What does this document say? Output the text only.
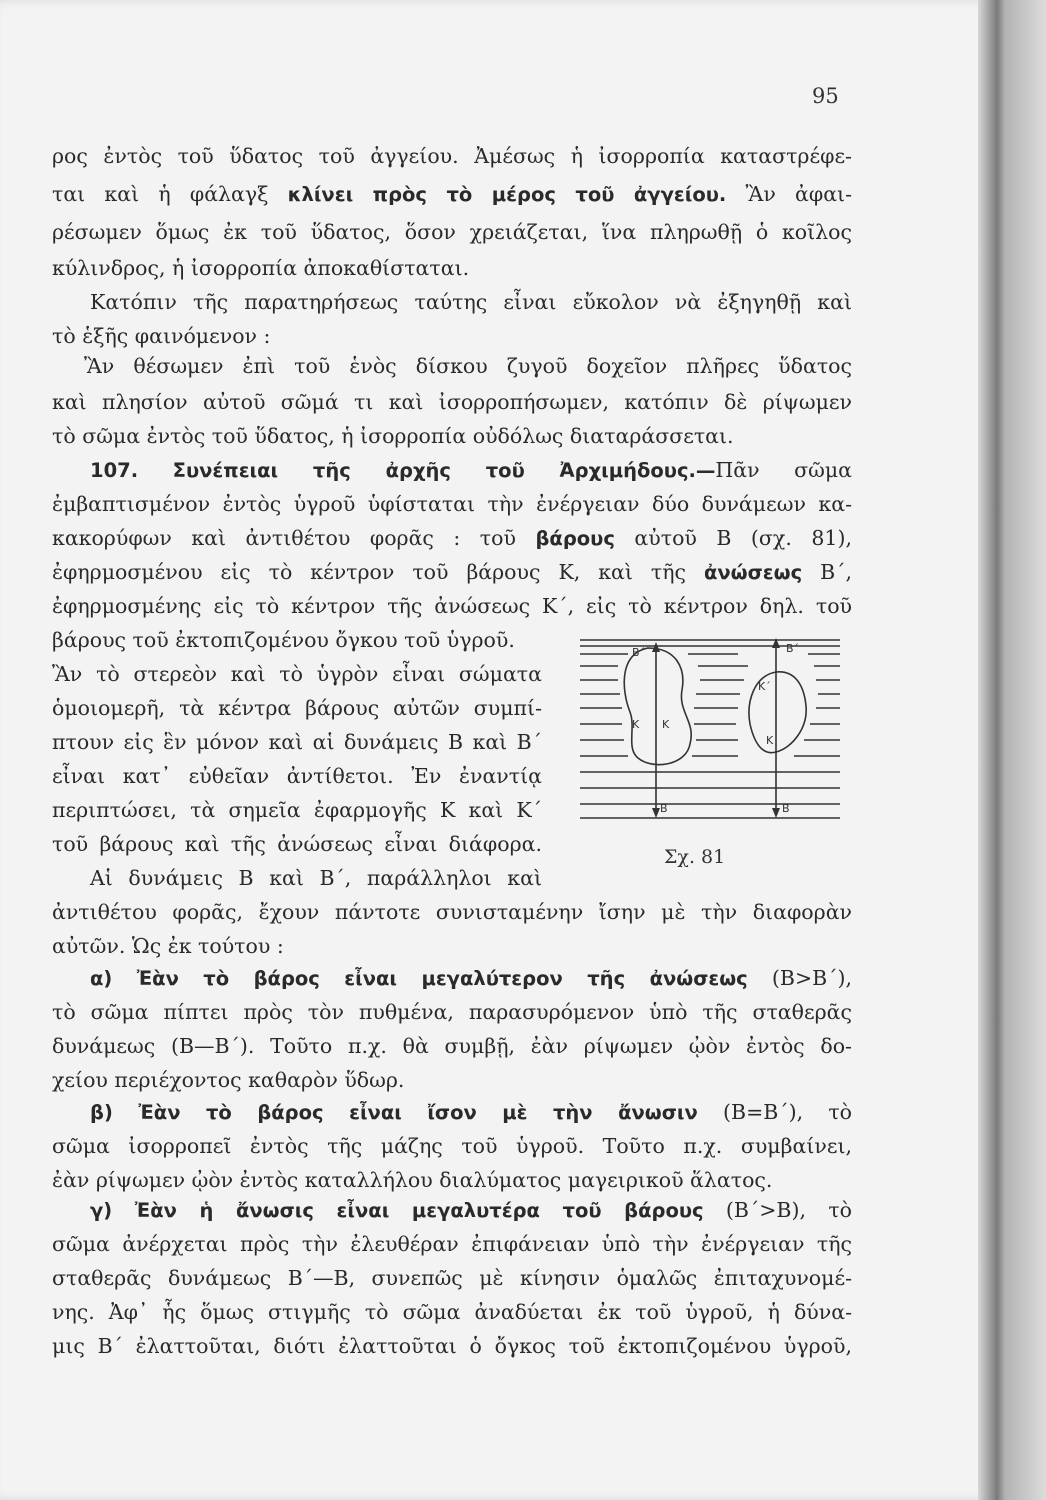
95
ρος ἐντὸς τοῦ ὕδατος τοῦ ἀγγείου. Ἀμέσως ἡ ἰσορροπία καταστρέφε-
ται καὶ ἡ φάλαγξ κλίνει πρὸς τὸ μέρος τοῦ ἀγγείου. Ἂν ἀφαι-
ρέσωμεν ὅμως ἐκ τοῦ ὕδατος, ὅσον χρειάζεται, ἵνα πληρωθῇ ὁ κοῖλος
κύλινδρος, ἡ ἰσορροπία ἀποκαθίσταται.
Κατόπιν τῆς παρατηρήσεως ταύτης εἶναι εὔκολον νὰ ἐξηγηθῇ καὶ
τὸ ἑξῆς φαινόμενον :
Ἂν θέσωμεν ἐπὶ τοῦ ἑνὸς δίσκου ζυγοῦ δοχεῖον πλῆρες ὕδατος
καὶ πλησίον αὐτοῦ σῶμά τι καὶ ἰσορροπήσωμεν, κατόπιν δὲ ρίψωμεν
τὸ σῶμα ἐντὸς τοῦ ὕδατος, ἡ ἰσορροπία οὐδόλως διαταράσσεται.
107. Συνέπειαι τῆς ἀρχῆς τοῦ Ἀρχιμήδους.—Πᾶν σῶμα
ἐμβαπτισμένον ἐντὸς ὑγροῦ ὑφίσταται τὴν ἐνέργειαν δύο δυνάμεων κα-
κακορύφων καὶ ἀντιθέτου φορᾶς : τοῦ βάρους αὐτοῦ Β (σχ. 81),
ἐφηρμοσμένου εἰς τὸ κέντρον τοῦ βάρους Κ, καὶ τῆς ἀνώσεως Β΄,
ἐφηρμοσμένης εἰς τὸ κέντρον τῆς ἀνώσεως Κ΄, εἰς τὸ κέντρον δηλ. τοῦ
βάρους τοῦ ἐκτοπιζομένου ὄγκου τοῦ ὑγροῦ.
Ἂν τὸ στερεὸν καὶ τὸ ὑγρὸν εἶναι σώματα
ὁμοιομερῆ, τὰ κέντρα βάρους αὐτῶν συμπί-
πτουν εἰς ἓν μόνον καὶ αἱ δυνάμεις Β καὶ Β΄
εἶναι κατ᾿ εὐθεῖαν ἀντίθετοι. Ἐν ἐναντίᾳ
περιπτώσει, τὰ σημεῖα ἐφαρμογῆς Κ καὶ Κ΄
τοῦ βάρους καὶ τῆς ἀνώσεως εἶναι διάφορα.
Αἱ δυνάμεις Β καὶ Β΄, παράλληλοι καὶ
ἀντιθέτου φορᾶς, ἔχουν πάντοτε συνισταμένην ἴσην μὲ τὴν διαφορὰν
αὐτῶν. Ὡς ἐκ τούτου :
Β΄	Β΄
Κ Κ
Κ΄
Κ
Β	Β
Σχ. 81
α) Ἐὰν τὸ βάρος εἶναι μεγαλύτερον τῆς ἀνώσεως (Β>Β΄),
τὸ σῶμα πίπτει πρὸς τὸν πυθμένα, παρασυρόμενον ὑπὸ τῆς σταθερᾶς
δυνάμεως (Β—Β΄). Τοῦτο π.χ. θὰ συμβῇ, ἐὰν ρίψωμεν ᾠὸν ἐντὸς δο-
χείου περιέχοντος καθαρὸν ὕδωρ.
β) Ἐὰν τὸ βάρος εἶναι ἴσον μὲ τὴν ἄνωσιν (Β=Β΄), τὸ
σῶμα ἰσορροπεῖ ἐντὸς τῆς μάζης τοῦ ὑγροῦ. Τοῦτο π.χ. συμβαίνει,
ἐὰν ρίψωμεν ᾠὸν ἐντὸς καταλλήλου διαλύματος μαγειρικοῦ ἅλατος.
γ) Ἐὰν ἡ ἄνωσις εἶναι μεγαλυτέρα τοῦ βάρους (Β΄>Β), τὸ
σῶμα ἀνέρχεται πρὸς τὴν ἐλευθέραν ἐπιφάνειαν ὑπὸ τὴν ἐνέργειαν τῆς
σταθερᾶς δυνάμεως Β΄—Β, συνεπῶς μὲ κίνησιν ὁμαλῶς ἐπιταχυνομέ-
νης. Ἀφ᾿ ἧς ὅμως στιγμῆς τὸ σῶμα ἀναδύεται ἐκ τοῦ ὑγροῦ, ἡ δύνα-
μις Β΄ ἐλαττοῦται, διότι ἐλαττοῦται ὁ ὄγκος τοῦ ἐκτοπιζομένου ὑγροῦ,
